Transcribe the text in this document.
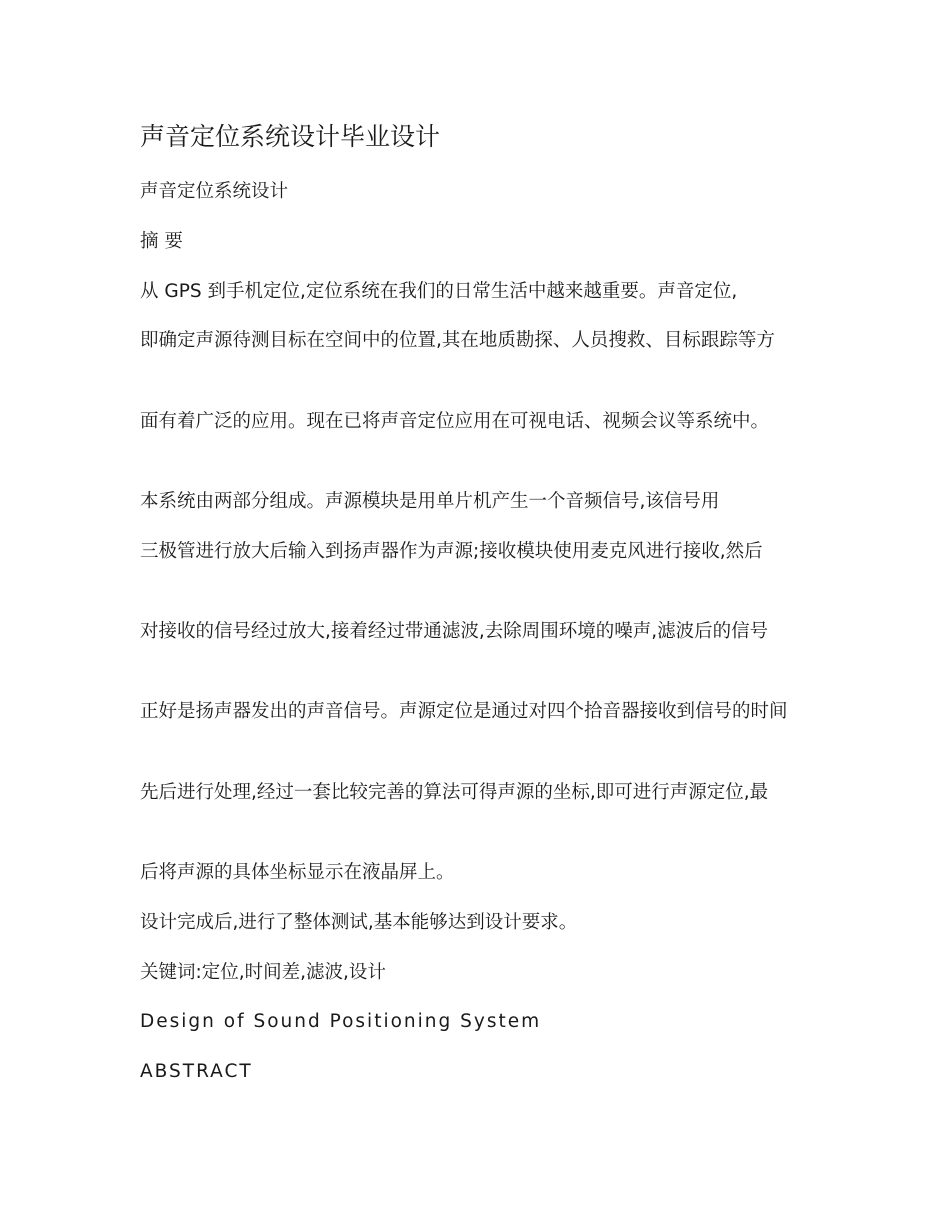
声音定位系统设计毕业设计
声音定位系统设计
摘 要
从 GPS 到手机定位,定位系统在我们的日常生活中越来越重要。声音定位,
即确定声源待测目标在空间中的位置,其在地质勘探、人员搜救、目标跟踪等方
面有着广泛的应用。现在已将声音定位应用在可视电话、视频会议等系统中。
本系统由两部分组成。声源模块是用单片机产生一个音频信号,该信号用
三极管进行放大后输入到扬声器作为声源;接收模块使用麦克风进行接收,然后
对接收的信号经过放大,接着经过带通滤波,去除周围环境的噪声,滤波后的信号
正好是扬声器发出的声音信号。声源定位是通过对四个拾音器接收到信号的时间
先后进行处理,经过一套比较完善的算法可得声源的坐标,即可进行声源定位,最
后将声源的具体坐标显示在液晶屏上。
设计完成后,进行了整体测试,基本能够达到设计要求。
关键词:定位,时间差,滤波,设计
Design of Sound Positioning System
ABSTRACT
